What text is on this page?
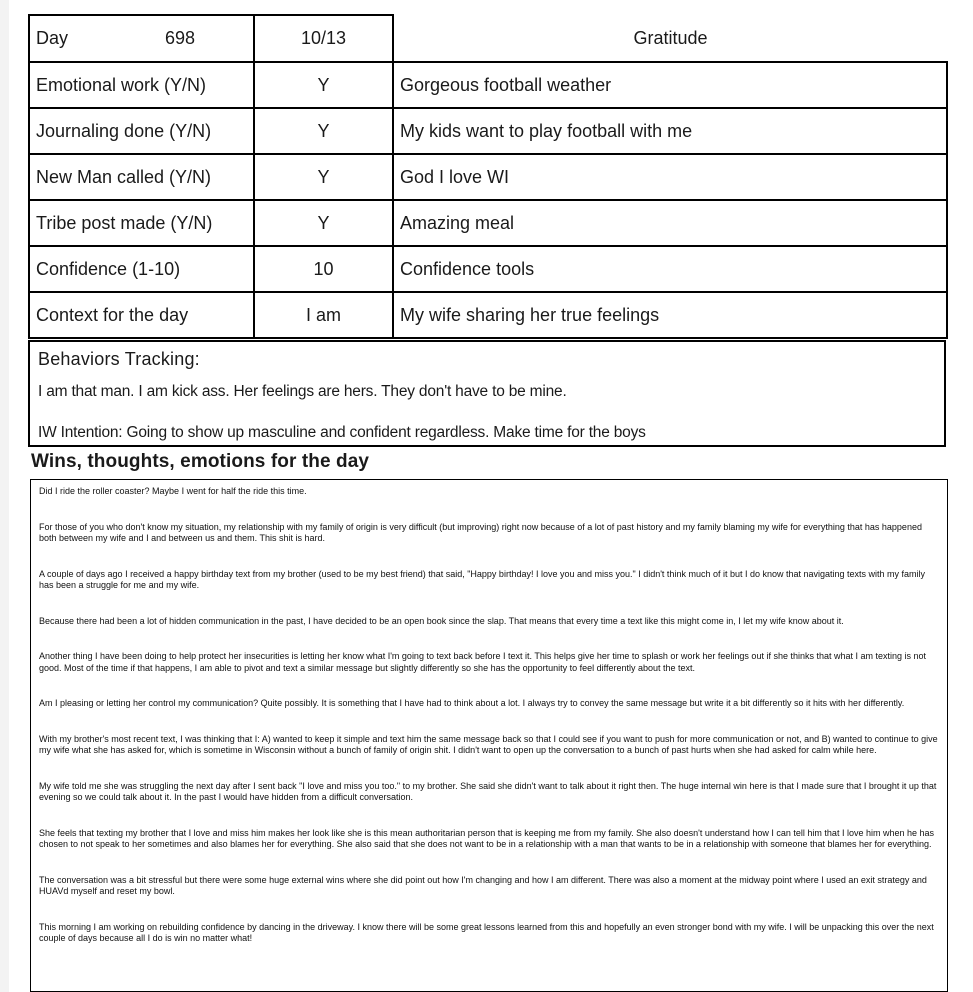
Day 698	10/13	Gratitude
Emotional work (Y/N)	Y	Gorgeous football weather
Journaling done (Y/N)	Y	My kids want to play football with me
New Man called (Y/N)	Y	God I love WI
Tribe post made (Y/N)	Y	Amazing meal
Confidence (1-10)	10	Confidence tools
Context for the day	I am	My wife sharing her true feelings
Behaviors Tracking:
I am that man. I am kick ass. Her feelings are hers. They don't have to be mine.
IW Intention: Going to show up masculine and confident regardless. Make time for the boys
Wins, thoughts, emotions for the day

Did I ride the roller coaster? Maybe I went for half the ride this time.

For those of you who don't know my situation, my relationship with my family of origin is very difficult (but improving) right now because of a lot of past history and my family blaming my wife for everything that has happened both between my wife and I and between us and them. This shit is hard.

A couple of days ago I received a happy birthday text from my brother (used to be my best friend) that said, "Happy birthday! I love you and miss you." I didn't think much of it but I do know that navigating texts with my family has been a struggle for me and my wife.

Because there had been a lot of hidden communication in the past, I have decided to be an open book since the slap. That means that every time a text like this might come in, I let my wife know about it.

Another thing I have been doing to help protect her insecurities is letting her know what I'm going to text back before I text it. This helps give her time to splash or work her feelings out if she thinks that what I am texting is not good. Most of the time if that happens, I am able to pivot and text a similar message but slightly differently so she has the opportunity to feel differently about the text.

Am I pleasing or letting her control my communication? Quite possibly. It is something that I have had to think about a lot. I always try to convey the same message but write it a bit differently so it hits with her differently.

With my brother's most recent text, I was thinking that I: A) wanted to keep it simple and text him the same message back so that I could see if you want to push for more communication or not, and B) wanted to continue to give my wife what she has asked for, which is sometime in Wisconsin without a bunch of family of origin shit. I didn't want to open up the conversation to a bunch of past hurts when she had asked for calm while here.

My wife told me she was struggling the next day after I sent back "I love and miss you too." to my brother. She said she didn't want to talk about it right then. The huge internal win here is that I made sure that I brought it up that evening so we could talk about it. In the past I would have hidden from a difficult conversation.

She feels that texting my brother that I love and miss him makes her look like she is this mean authoritarian person that is keeping me from my family. She also doesn't understand how I can tell him that I love him when he has chosen to not speak to her sometimes and also blames her for everything. She also said that she does not want to be in a relationship with a man that wants to be in a relationship with someone that blames her for everything.

The conversation was a bit stressful but there were some huge external wins where she did point out how I'm changing and how I am different. There was also a moment at the midway point where I used an exit strategy and HUAVd myself and reset my bowl.

This morning I am working on rebuilding confidence by dancing in the driveway. I know there will be some great lessons learned from this and hopefully an even stronger bond with my wife. I will be unpacking this over the next couple of days because all I do is win no matter what!
